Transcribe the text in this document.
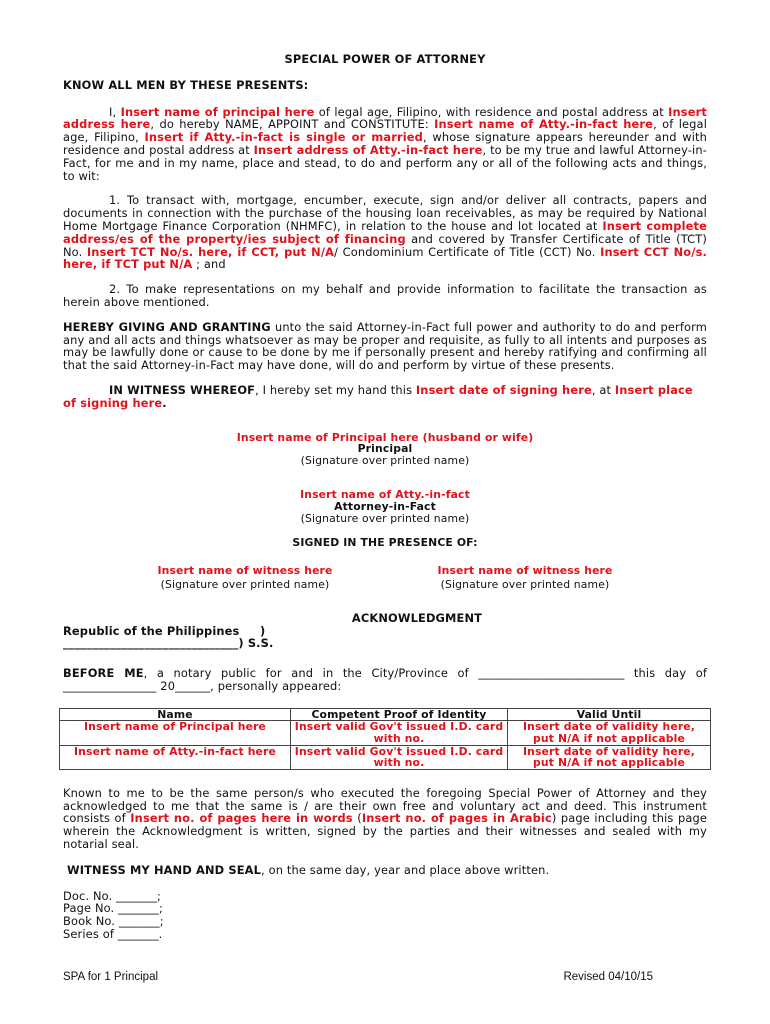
SPECIAL POWER OF ATTORNEY

KNOW ALL MEN BY THESE PRESENTS:

I, Insert name of principal here of legal age, Filipino, with residence and postal address at Insert address here, do hereby NAME, APPOINT and CONSTITUTE: Insert name of Atty.-in-fact here, of legal age, Filipino, Insert if Atty.-in-fact is single or married, whose signature appears hereunder and with residence and postal address at Insert address of Atty.-in-fact here, to be my true and lawful Attorney-in-Fact, for me and in my name, place and stead, to do and perform any or all of the following acts and things, to wit:

1. To transact with, mortgage, encumber, execute, sign and/or deliver all contracts, papers and documents in connection with the purchase of the housing loan receivables, as may be required by National Home Mortgage Finance Corporation (NHMFC), in relation to the house and lot located at Insert complete address/es of the property/ies subject of financing and covered by Transfer Certificate of Title (TCT) No. Insert TCT No/s. here, if CCT, put N/A/ Condominium Certificate of Title (CCT) No. Insert CCT No/s. here, if TCT put N/A ; and

2. To make representations on my behalf and provide information to facilitate the transaction as herein above mentioned.

HEREBY GIVING AND GRANTING unto the said Attorney-in-Fact full power and authority to do and perform any and all acts and things whatsoever as may be proper and requisite, as fully to all intents and purposes as may be lawfully done or cause to be done by me if personally present and hereby ratifying and confirming all that the said Attorney-in-Fact may have done, will do and perform by virtue of these presents.

IN WITNESS WHEREOF, I hereby set my hand this Insert date of signing here, at Insert place of signing here.

Insert name of Principal here (husband or wife)
Principal
(Signature over printed name)
Insert name of Atty.-in-fact
Attorney-in-Fact
(Signature over printed name)

SIGNED IN THE PRESENCE OF:

Insert name of witness here
(Signature over printed name)
Insert name of witness here
(Signature over printed name)

ACKNOWLEDGMENT

Republic of the Philippines     )

______________________________) S.S.

BEFORE ME, a notary public for and in the City/Province of _________________________ this day of ________________ 20______, personally appeared:

Name	Competent Proof of Identity	Valid Until
Insert name of Principal here	Insert valid Gov't issued I.D. card with no.	Insert date of validity here, put N/A if not applicable
Insert name of Atty.-in-fact here	Insert valid Gov't issued I.D. card with no.	Insert date of validity here, put N/A if not applicable

Known to me to be the same person/s who executed the foregoing Special Power of Attorney and they acknowledged to me that the same is / are their own free and voluntary act and deed. This instrument consists of Insert no. of pages here in words (Insert no. of pages in Arabic) page including this page wherein the Acknowledgment is written, signed by the parties and their witnesses and sealed with my notarial seal.

WITNESS MY HAND AND SEAL, on the same day, year and place above written.

Doc. No. _______;
Page No. _______;
Book No. _______;
Series of _______.
SPA for 1 Principal	Revised 04/10/15
